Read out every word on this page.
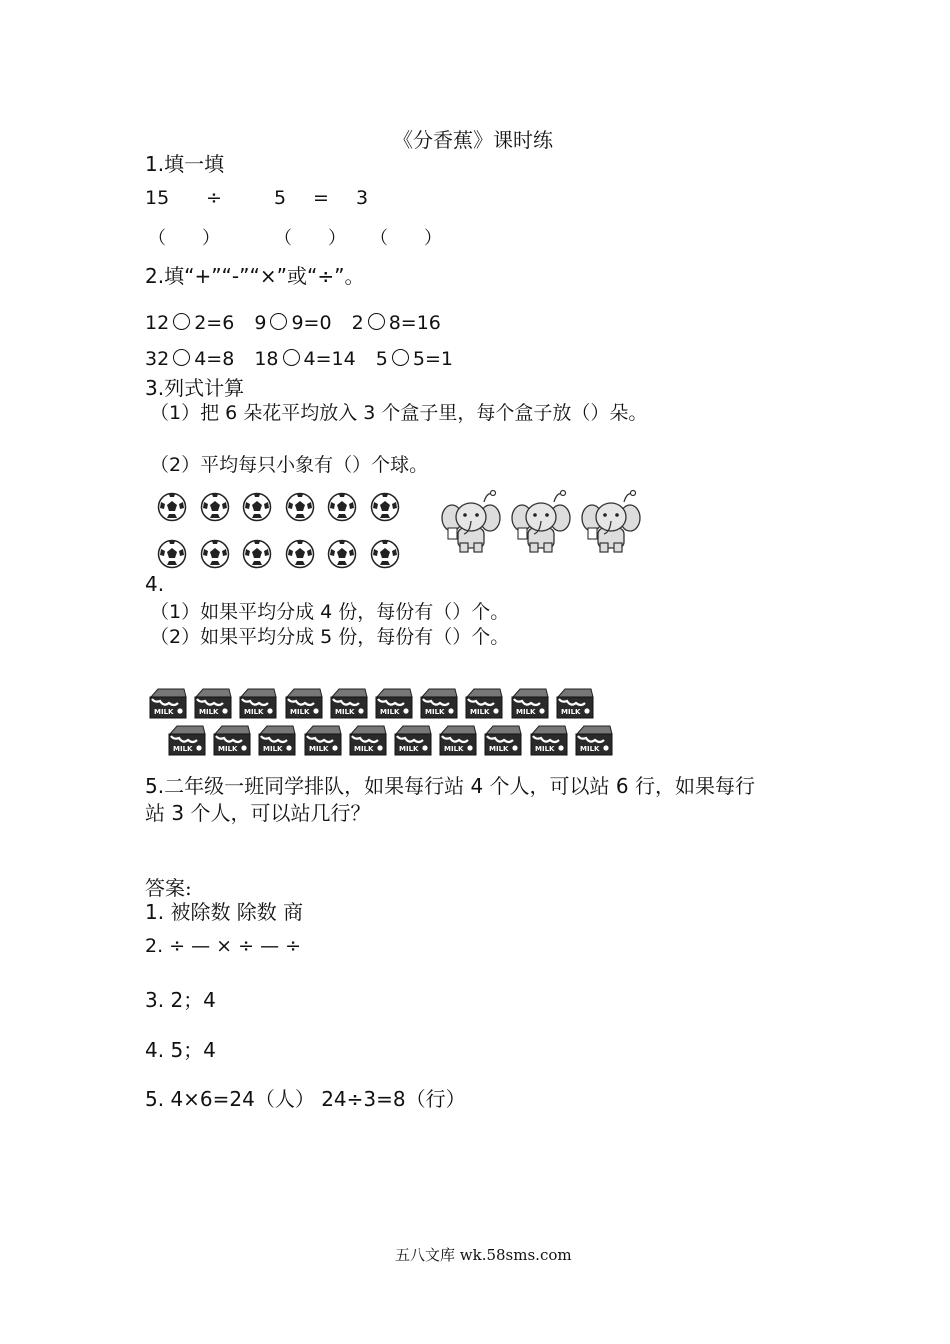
《分香蕉》课时练
1.填一填
15 ÷	5 = 3
（　　）	（　　） （　　）
2.填“+”“-”“×”或“÷”。
12 2=6 9 9=0 2 8=16
32 4=8 18 4=14 5 5=1
3.列式计算
（1）把 6 朵花平均放入 3 个盒子里，每个盒子放（）朵。
（2）平均每只小象有（）个球。
4.
（1）如果平均分成 4 份，每份有（）个。
（2）如果平均分成 5 份，每份有（）个。
MILK	MILK	MILK	MILK	MILK	MILK	MILK	MILK	MILK	MILK
MILK	MILK	MILK	MILK	MILK	MILK	MILK	MILK	MILK	MILK
5.二年级一班同学排队，如果每行站 4 个人，可以站 6 行，如果每行
站 3 个人，可以站几行？
答案:
1. 被除数 除数 商
2. ÷ — × ÷ — ÷
3. 2；4
4. 5；4
5. 4×6=24（人） 24÷3=8（行）
五八文库 wk.58sms.com
